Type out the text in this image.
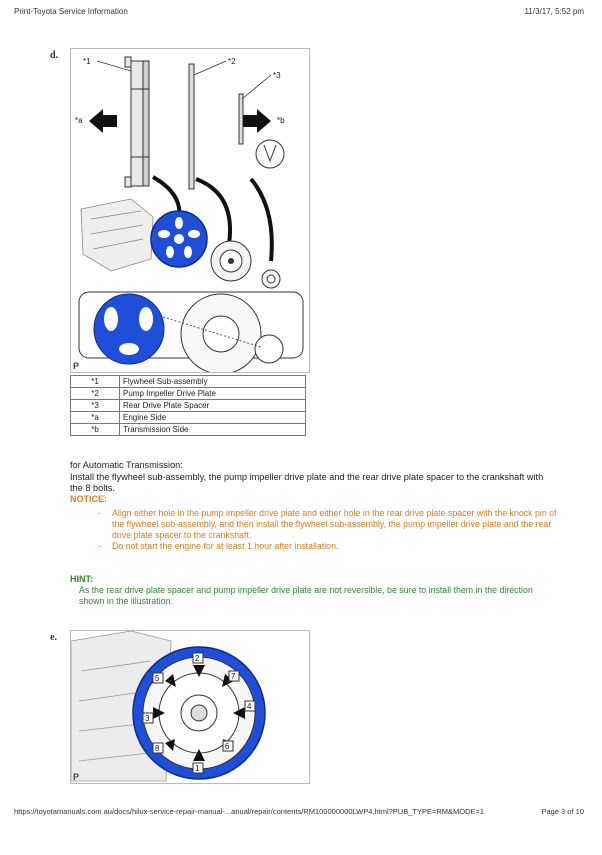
Print-Toyota Service Information	11/3/17, 5:52 pm
d.
*1	*2
*3
*a	*b
P
*1	Flywheel Sub-assembly
*2	Pump Impeller Drive Plate
*3	Rear Drive Plate Spacer
*a	Engine Side
*b	Transmission Side
for Automatic Transmission:
Install the flywheel sub-assembly, the pump impeller drive plate and the rear drive plate spacer to the crankshaft with the 8 bolts.
NOTICE:
- Align either hole in the pump impeller drive plate and either hole in the rear drive plate spacer with the knock pin of the flywheel sub-assembly, and then install the flywheel sub-assembly, the pump impeller drive plate and the rear drive plate spacer to the crankshaft.
- Do not start the engine for at least 1 hour after installation.
HINT:
As the rear drive plate spacer and pump impeller drive plate are not reversible, be sure to install them in the direction shown in the illustration.
e.
2
4
7
6
1
8
3
5
P
https://toyotamanuals.com.au/docs/hilux-service-repair-manual-...anual/repair/contents/RM100000000LWP4.html?PUB_TYPE=RM&MODE=1	Page 3 of 10
